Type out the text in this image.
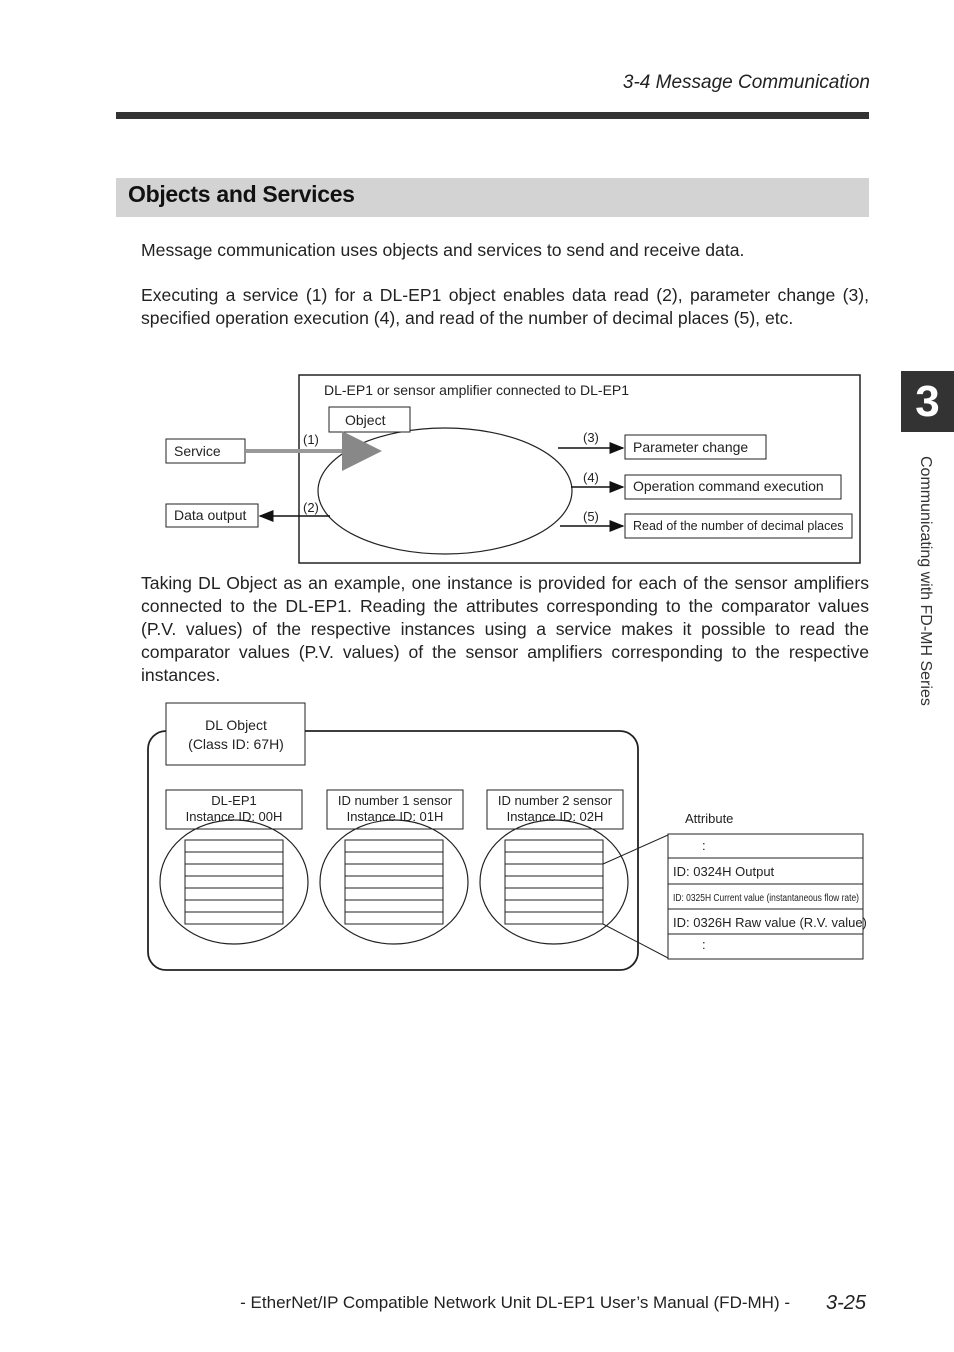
3-4 Message Communication
Objects and Services
Message communication uses objects and services to send and receive data.
Executing a service (1) for a DL-EP1 object enables data read (2), parameter change (3), specified operation execution (4), and read of the number of decimal places (5), etc.
DL-EP1 or sensor amplifier connected to DL-EP1
Object
Service
(1)
Data output	(2)
(3)
Parameter change
(4)
Operation command execution
(5)
Read of the number of decimal places
DL Object
(Class ID: 67H)
DL-EP1
Instance ID: 00H
ID number 1 sensor
Instance ID: 01H
ID number 2 sensor
Instance ID: 02H	Attribute
:
ID: 0324H Output
ID: 0325H Current value (instantaneous flow rate)
ID: 0326H Raw value (R.V. value)
:
Taking DL Object as an example, one instance is provided for each of the sensor amplifiers connected to the DL-EP1. Reading the attributes corresponding to the comparator values (P.V. values) of the respective instances using a service makes it possible to read the comparator values (P.V. values) of the sensor amplifiers corresponding to the respective instances.
3
Communicating with FD-MH Series
- EtherNet/IP Compatible Network Unit DL-EP1 User’s Manual (FD-MH) - 3-25
